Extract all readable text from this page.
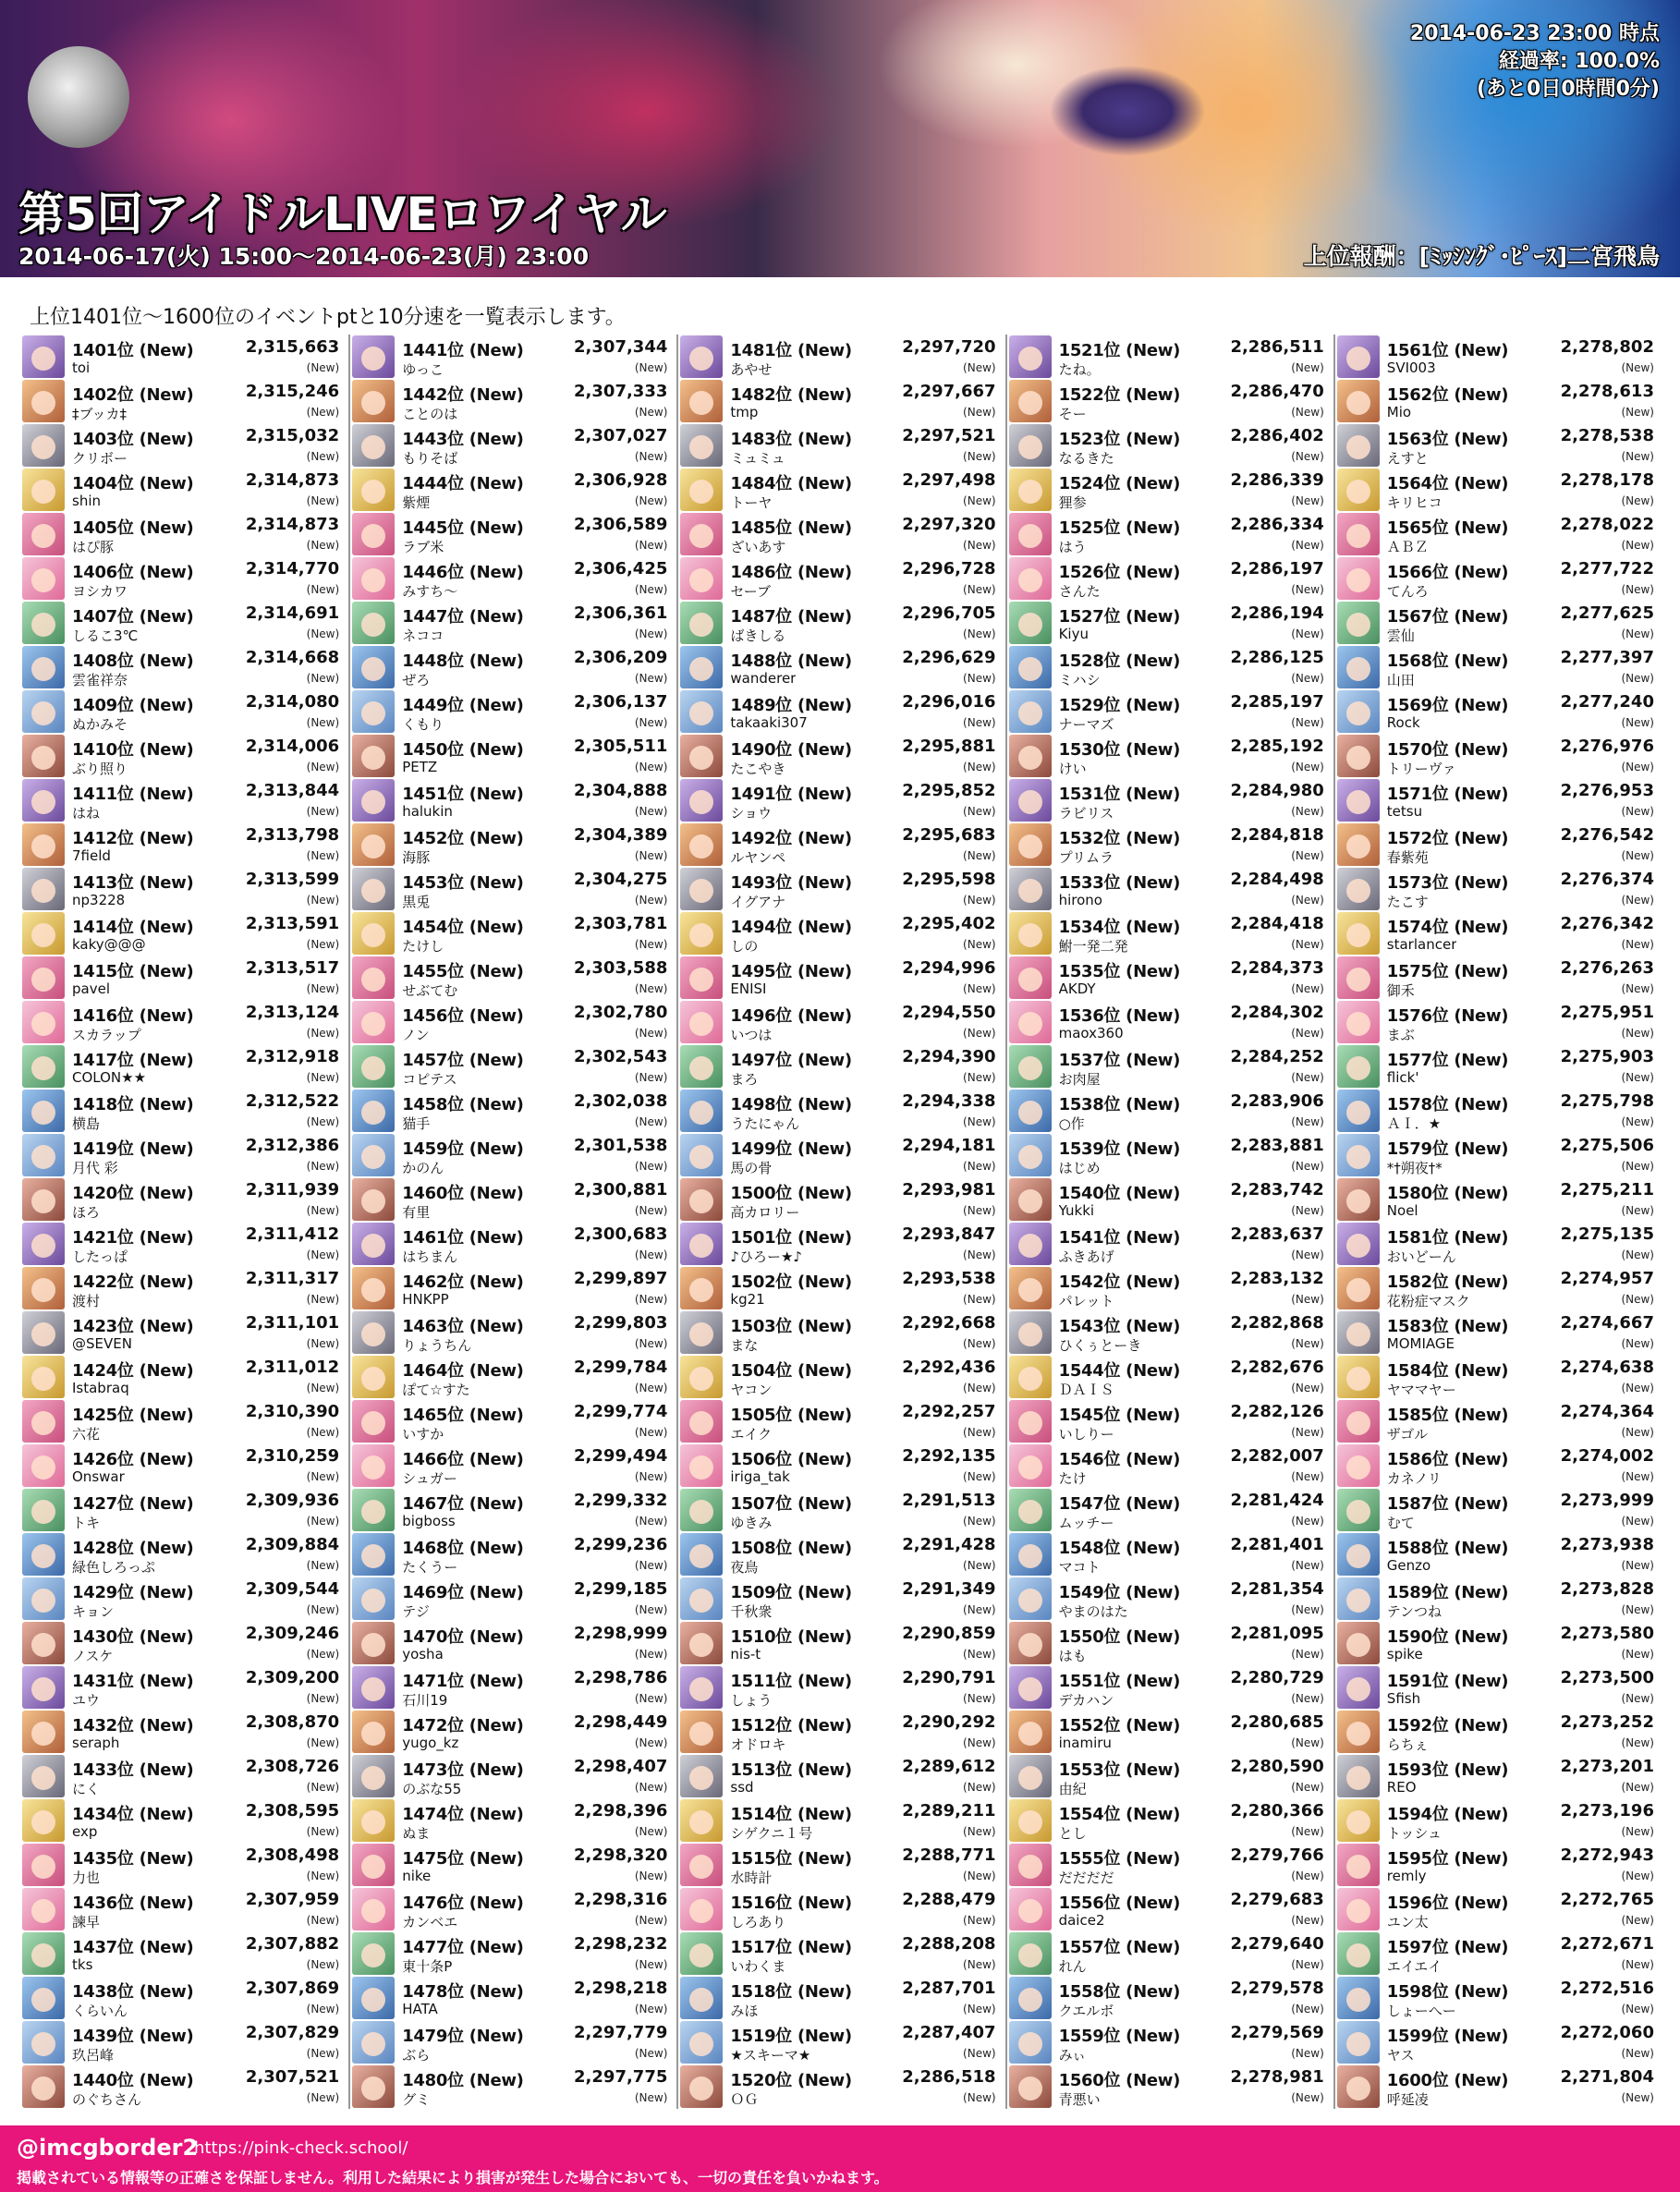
2014-06-23 23:00 時点
経過率: 100.0%
(あと0日0時間0分)
第5回アイドルLIVEロワイヤル
2014-06-17(火) 15:00～2014-06-23(月) 23:00	上位報酬：[ﾐｯｼﾝｸﾞ･ﾋﾟｰｽ]二宮飛鳥
上位1401位～1600位のイベントptと10分速を一覧表示します。
1401位 (New)	2,315,663
toi	(New)
1402位 (New)	2,315,246
‡ブッカ‡	(New)
1403位 (New)	2,315,032
クリボー	(New)
1404位 (New)	2,314,873
shin	(New)
1405位 (New)	2,314,873
はぴ豚	(New)
1406位 (New)	2,314,770
ヨシカワ	(New)
1407位 (New)	2,314,691
しるこ3℃	(New)
1408位 (New)	2,314,668
雲雀祥奈	(New)
1409位 (New)	2,314,080
ぬかみそ	(New)
1410位 (New)	2,314,006
ぶり照り	(New)
1411位 (New)	2,313,844
はね	(New)
1412位 (New)	2,313,798
7field	(New)
1413位 (New)	2,313,599
np3228	(New)
1414位 (New)	2,313,591
kaky@@@	(New)
1415位 (New)	2,313,517
pavel	(New)
1416位 (New)	2,313,124
スカラップ	(New)
1417位 (New)	2,312,918
COLON★★	(New)
1418位 (New)	2,312,522
横島	(New)
1419位 (New)	2,312,386
月代 彩	(New)
1420位 (New)	2,311,939
ほろ	(New)
1421位 (New)	2,311,412
したっぱ	(New)
1422位 (New)	2,311,317
渡村	(New)
1423位 (New)	2,311,101
@SEVEN	(New)
1424位 (New)	2,311,012
Istabraq	(New)
1425位 (New)	2,310,390
六花	(New)
1426位 (New)	2,310,259
Onswar	(New)
1427位 (New)	2,309,936
トキ	(New)
1428位 (New)	2,309,884
緑色しろっぷ	(New)
1429位 (New)	2,309,544
キョン	(New)
1430位 (New)	2,309,246
ノスケ	(New)
1431位 (New)	2,309,200
ユウ	(New)
1432位 (New)	2,308,870
seraph	(New)
1433位 (New)	2,308,726
にく	(New)
1434位 (New)	2,308,595
exp	(New)
1435位 (New)	2,308,498
力也	(New)
1436位 (New)	2,307,959
諫早	(New)
1437位 (New)	2,307,882
tks	(New)
1438位 (New)	2,307,869
くらいん	(New)
1439位 (New)	2,307,829
玖呂峰	(New)
1440位 (New)	2,307,521
のぐちさん	(New)
1441位 (New)	2,307,344
ゆっこ	(New)
1442位 (New)	2,307,333
ことのは	(New)
1443位 (New)	2,307,027
もりそば	(New)
1444位 (New)	2,306,928
紫煙	(New)
1445位 (New)	2,306,589
ラブ米	(New)
1446位 (New)	2,306,425
みすち～	(New)
1447位 (New)	2,306,361
ネココ	(New)
1448位 (New)	2,306,209
ぜろ	(New)
1449位 (New)	2,306,137
くもり	(New)
1450位 (New)	2,305,511
PETZ	(New)
1451位 (New)	2,304,888
halukin	(New)
1452位 (New)	2,304,389
海豚	(New)
1453位 (New)	2,304,275
黒兎	(New)
1454位 (New)	2,303,781
たけし	(New)
1455位 (New)	2,303,588
せぶてむ	(New)
1456位 (New)	2,302,780
ノン	(New)
1457位 (New)	2,302,543
コピテス	(New)
1458位 (New)	2,302,038
猫手	(New)
1459位 (New)	2,301,538
かのん	(New)
1460位 (New)	2,300,881
有里	(New)
1461位 (New)	2,300,683
はちまん	(New)
1462位 (New)	2,299,897
HNKPP	(New)
1463位 (New)	2,299,803
りょうちん	(New)
1464位 (New)	2,299,784
ぽて☆すた	(New)
1465位 (New)	2,299,774
いすか	(New)
1466位 (New)	2,299,494
シュガー	(New)
1467位 (New)	2,299,332
bigboss	(New)
1468位 (New)	2,299,236
たくうー	(New)
1469位 (New)	2,299,185
テジ	(New)
1470位 (New)	2,298,999
yosha	(New)
1471位 (New)	2,298,786
石川19	(New)
1472位 (New)	2,298,449
yugo_kz	(New)
1473位 (New)	2,298,407
のぶな55	(New)
1474位 (New)	2,298,396
ぬま	(New)
1475位 (New)	2,298,320
nike	(New)
1476位 (New)	2,298,316
カンベエ	(New)
1477位 (New)	2,298,232
東十条P	(New)
1478位 (New)	2,298,218
HATA	(New)
1479位 (New)	2,297,779
ぶら	(New)
1480位 (New)	2,297,775
グミ	(New)
1481位 (New)	2,297,720
あやせ	(New)
1482位 (New)	2,297,667
tmp	(New)
1483位 (New)	2,297,521
ミュミュ	(New)
1484位 (New)	2,297,498
トーヤ	(New)
1485位 (New)	2,297,320
ざいあす	(New)
1486位 (New)	2,296,728
セーブ	(New)
1487位 (New)	2,296,705
ばきしる	(New)
1488位 (New)	2,296,629
wanderer	(New)
1489位 (New)	2,296,016
takaaki307	(New)
1490位 (New)	2,295,881
たこやき	(New)
1491位 (New)	2,295,852
ショウ	(New)
1492位 (New)	2,295,683
ルヤンペ	(New)
1493位 (New)	2,295,598
イグアナ	(New)
1494位 (New)	2,295,402
しの	(New)
1495位 (New)	2,294,996
ENISI	(New)
1496位 (New)	2,294,550
いつは	(New)
1497位 (New)	2,294,390
まろ	(New)
1498位 (New)	2,294,338
うたにゃん	(New)
1499位 (New)	2,294,181
馬の骨	(New)
1500位 (New)	2,293,981
高カロリー	(New)
1501位 (New)	2,293,847
♪ひろー★♪	(New)
1502位 (New)	2,293,538
kg21	(New)
1503位 (New)	2,292,668
まな	(New)
1504位 (New)	2,292,436
ヤコン	(New)
1505位 (New)	2,292,257
エイク	(New)
1506位 (New)	2,292,135
iriga_tak	(New)
1507位 (New)	2,291,513
ゆきみ	(New)
1508位 (New)	2,291,428
夜鳥	(New)
1509位 (New)	2,291,349
千秋衆	(New)
1510位 (New)	2,290,859
nis-t	(New)
1511位 (New)	2,290,791
しょう	(New)
1512位 (New)	2,290,292
オドロキ	(New)
1513位 (New)	2,289,612
ssd	(New)
1514位 (New)	2,289,211
シゲクニ１号	(New)
1515位 (New)	2,288,771
水時計	(New)
1516位 (New)	2,288,479
しろあり	(New)
1517位 (New)	2,288,208
いわくま	(New)
1518位 (New)	2,287,701
みほ	(New)
1519位 (New)	2,287,407
★スキーマ★	(New)
1520位 (New)	2,286,518
ＯＧ	(New)
1521位 (New)	2,286,511
たね。	(New)
1522位 (New)	2,286,470
そー	(New)
1523位 (New)	2,286,402
なるきた	(New)
1524位 (New)	2,286,339
狸参	(New)
1525位 (New)	2,286,334
はう	(New)
1526位 (New)	2,286,197
さんた	(New)
1527位 (New)	2,286,194
Kiyu	(New)
1528位 (New)	2,286,125
ミハシ	(New)
1529位 (New)	2,285,197
ナーマズ	(New)
1530位 (New)	2,285,192
けい	(New)
1531位 (New)	2,284,980
ラビリス	(New)
1532位 (New)	2,284,818
プリムラ	(New)
1533位 (New)	2,284,498
hirono	(New)
1534位 (New)	2,284,418
鮒一発二発	(New)
1535位 (New)	2,284,373
AKDY	(New)
1536位 (New)	2,284,302
maox360	(New)
1537位 (New)	2,284,252
お肉屋	(New)
1538位 (New)	2,283,906
○作	(New)
1539位 (New)	2,283,881
はじめ	(New)
1540位 (New)	2,283,742
Yukki	(New)
1541位 (New)	2,283,637
ふきあげ	(New)
1542位 (New)	2,283,132
パレット	(New)
1543位 (New)	2,282,868
ひくぅとーき	(New)
1544位 (New)	2,282,676
ＤＡＩＳ	(New)
1545位 (New)	2,282,126
いしりー	(New)
1546位 (New)	2,282,007
たけ	(New)
1547位 (New)	2,281,424
ムッチー	(New)
1548位 (New)	2,281,401
マコト	(New)
1549位 (New)	2,281,354
やまのはた	(New)
1550位 (New)	2,281,095
はも	(New)
1551位 (New)	2,280,729
デカハン	(New)
1552位 (New)	2,280,685
inamiru	(New)
1553位 (New)	2,280,590
由紀	(New)
1554位 (New)	2,280,366
とし	(New)
1555位 (New)	2,279,766
だだだだ	(New)
1556位 (New)	2,279,683
daice2	(New)
1557位 (New)	2,279,640
れん	(New)
1558位 (New)	2,279,578
クエルボ	(New)
1559位 (New)	2,279,569
みぃ	(New)
1560位 (New)	2,278,981
青悪い	(New)
1561位 (New)	2,278,802
SVI003	(New)
1562位 (New)	2,278,613
Mio	(New)
1563位 (New)	2,278,538
えすと	(New)
1564位 (New)	2,278,178
キリヒコ	(New)
1565位 (New)	2,278,022
ＡＢＺ	(New)
1566位 (New)	2,277,722
てんろ	(New)
1567位 (New)	2,277,625
雲仙	(New)
1568位 (New)	2,277,397
山田	(New)
1569位 (New)	2,277,240
Rock	(New)
1570位 (New)	2,276,976
トリーヴァ	(New)
1571位 (New)	2,276,953
tetsu	(New)
1572位 (New)	2,276,542
春紫苑	(New)
1573位 (New)	2,276,374
たこす	(New)
1574位 (New)	2,276,342
starlancer	(New)
1575位 (New)	2,276,263
御禾	(New)
1576位 (New)	2,275,951
まぶ	(New)
1577位 (New)	2,275,903
flick'	(New)
1578位 (New)	2,275,798
ＡＩ．★	(New)
1579位 (New)	2,275,506
*†朔夜†*	(New)
1580位 (New)	2,275,211
Noel	(New)
1581位 (New)	2,275,135
おいどーん	(New)
1582位 (New)	2,274,957
花粉症マスク	(New)
1583位 (New)	2,274,667
MOMIAGE	(New)
1584位 (New)	2,274,638
ヤママヤー	(New)
1585位 (New)	2,274,364
ザゴル	(New)
1586位 (New)	2,274,002
カネノリ	(New)
1587位 (New)	2,273,999
むて	(New)
1588位 (New)	2,273,938
Genzo	(New)
1589位 (New)	2,273,828
テンつね	(New)
1590位 (New)	2,273,580
spike	(New)
1591位 (New)	2,273,500
Sfish	(New)
1592位 (New)	2,273,252
らちぇ	(New)
1593位 (New)	2,273,201
REO	(New)
1594位 (New)	2,273,196
トッシュ	(New)
1595位 (New)	2,272,943
remly	(New)
1596位 (New)	2,272,765
ユン太	(New)
1597位 (New)	2,272,671
エイエイ	(New)
1598位 (New)	2,272,516
しょーへー	(New)
1599位 (New)	2,272,060
ヤス	(New)
1600位 (New)	2,271,804
呼延凌	(New)
@imcgborder2
https://pink-check.school/
掲載されている情報等の正確さを保証しません。利用した結果により損害が発生した場合においても、一切の責任を負いかねます。
